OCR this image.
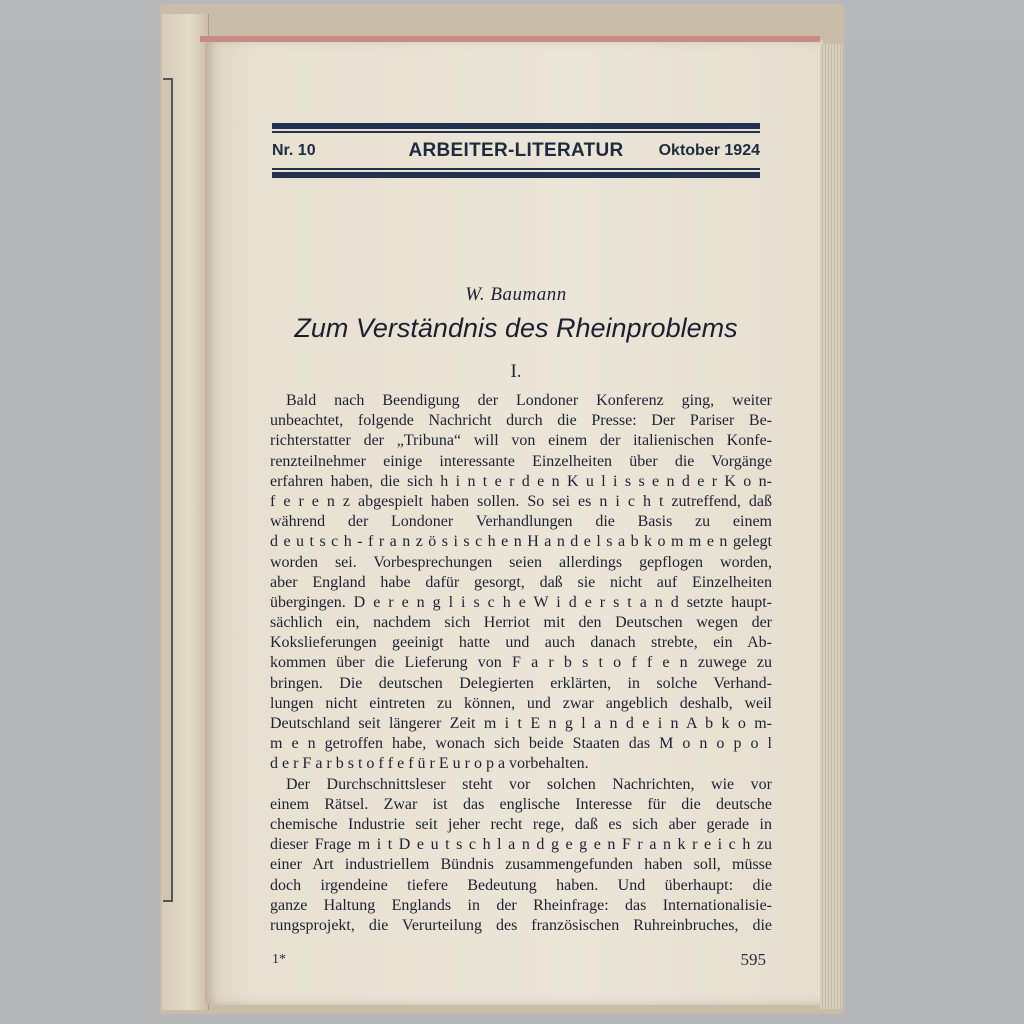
Nr. 10	ARBEITER-LITERATUR	Oktober 1924
W. Baumann
Zum Verständnis des Rheinproblems
I.
Bald nach Beendigung der Londoner Konferenz ging, weiter
unbeachtet, folgende Nachricht durch die Presse: Der Pariser Be-
richterstatter der „Tribuna“ will von einem der italienischen Konfe-
renzteilnehmer einige interessante Einzelheiten über die Vorgänge
erfahren haben, die sich h i n t e r d e n K u l i s s e n d e r K o n-
f e r e n z abgespielt haben sollen. So sei es n i c h t zutreffend, daß
während der Londoner Verhandlungen die Basis zu einem
d e u t s c h - f r a n z ö s i s c h e n H a n d e l s a b k o m m e n gelegt
worden sei. Vorbesprechungen seien allerdings gepflogen worden,
aber England habe dafür gesorgt, daß sie nicht auf Einzelheiten
übergingen. D e r e n g l i s c h e W i d e r s t a n d setzte haupt-
sächlich ein, nachdem sich Herriot mit den Deutschen wegen der
Kokslieferungen geeinigt hatte und auch danach strebte, ein Ab-
kommen über die Lieferung von F a r b s t o f f e n zuwege zu
bringen. Die deutschen Delegierten erklärten, in solche Verhand-
lungen nicht eintreten zu können, und zwar angeblich deshalb, weil
Deutschland seit längerer Zeit m i t E n g l a n d e i n A b k o m-
m e n getroffen habe, wonach sich beide Staaten das M o n o p o l
d e r F a r b s t o f f e f ü r E u r o p a vorbehalten.
Der Durchschnittsleser steht vor solchen Nachrichten, wie vor
einem Rätsel. Zwar ist das englische Interesse für die deutsche
chemische Industrie seit jeher recht rege, daß es sich aber gerade in
dieser Frage m i t D e u t s c h l a n d g e g e n F r a n k r e i c h zu
einer Art industriellem Bündnis zusammengefunden haben soll, müsse
doch irgendeine tiefere Bedeutung haben. Und überhaupt: die
ganze Haltung Englands in der Rheinfrage: das Internationalisie-
rungsprojekt, die Verurteilung des französischen Ruhreinbruches, die
1*	595
